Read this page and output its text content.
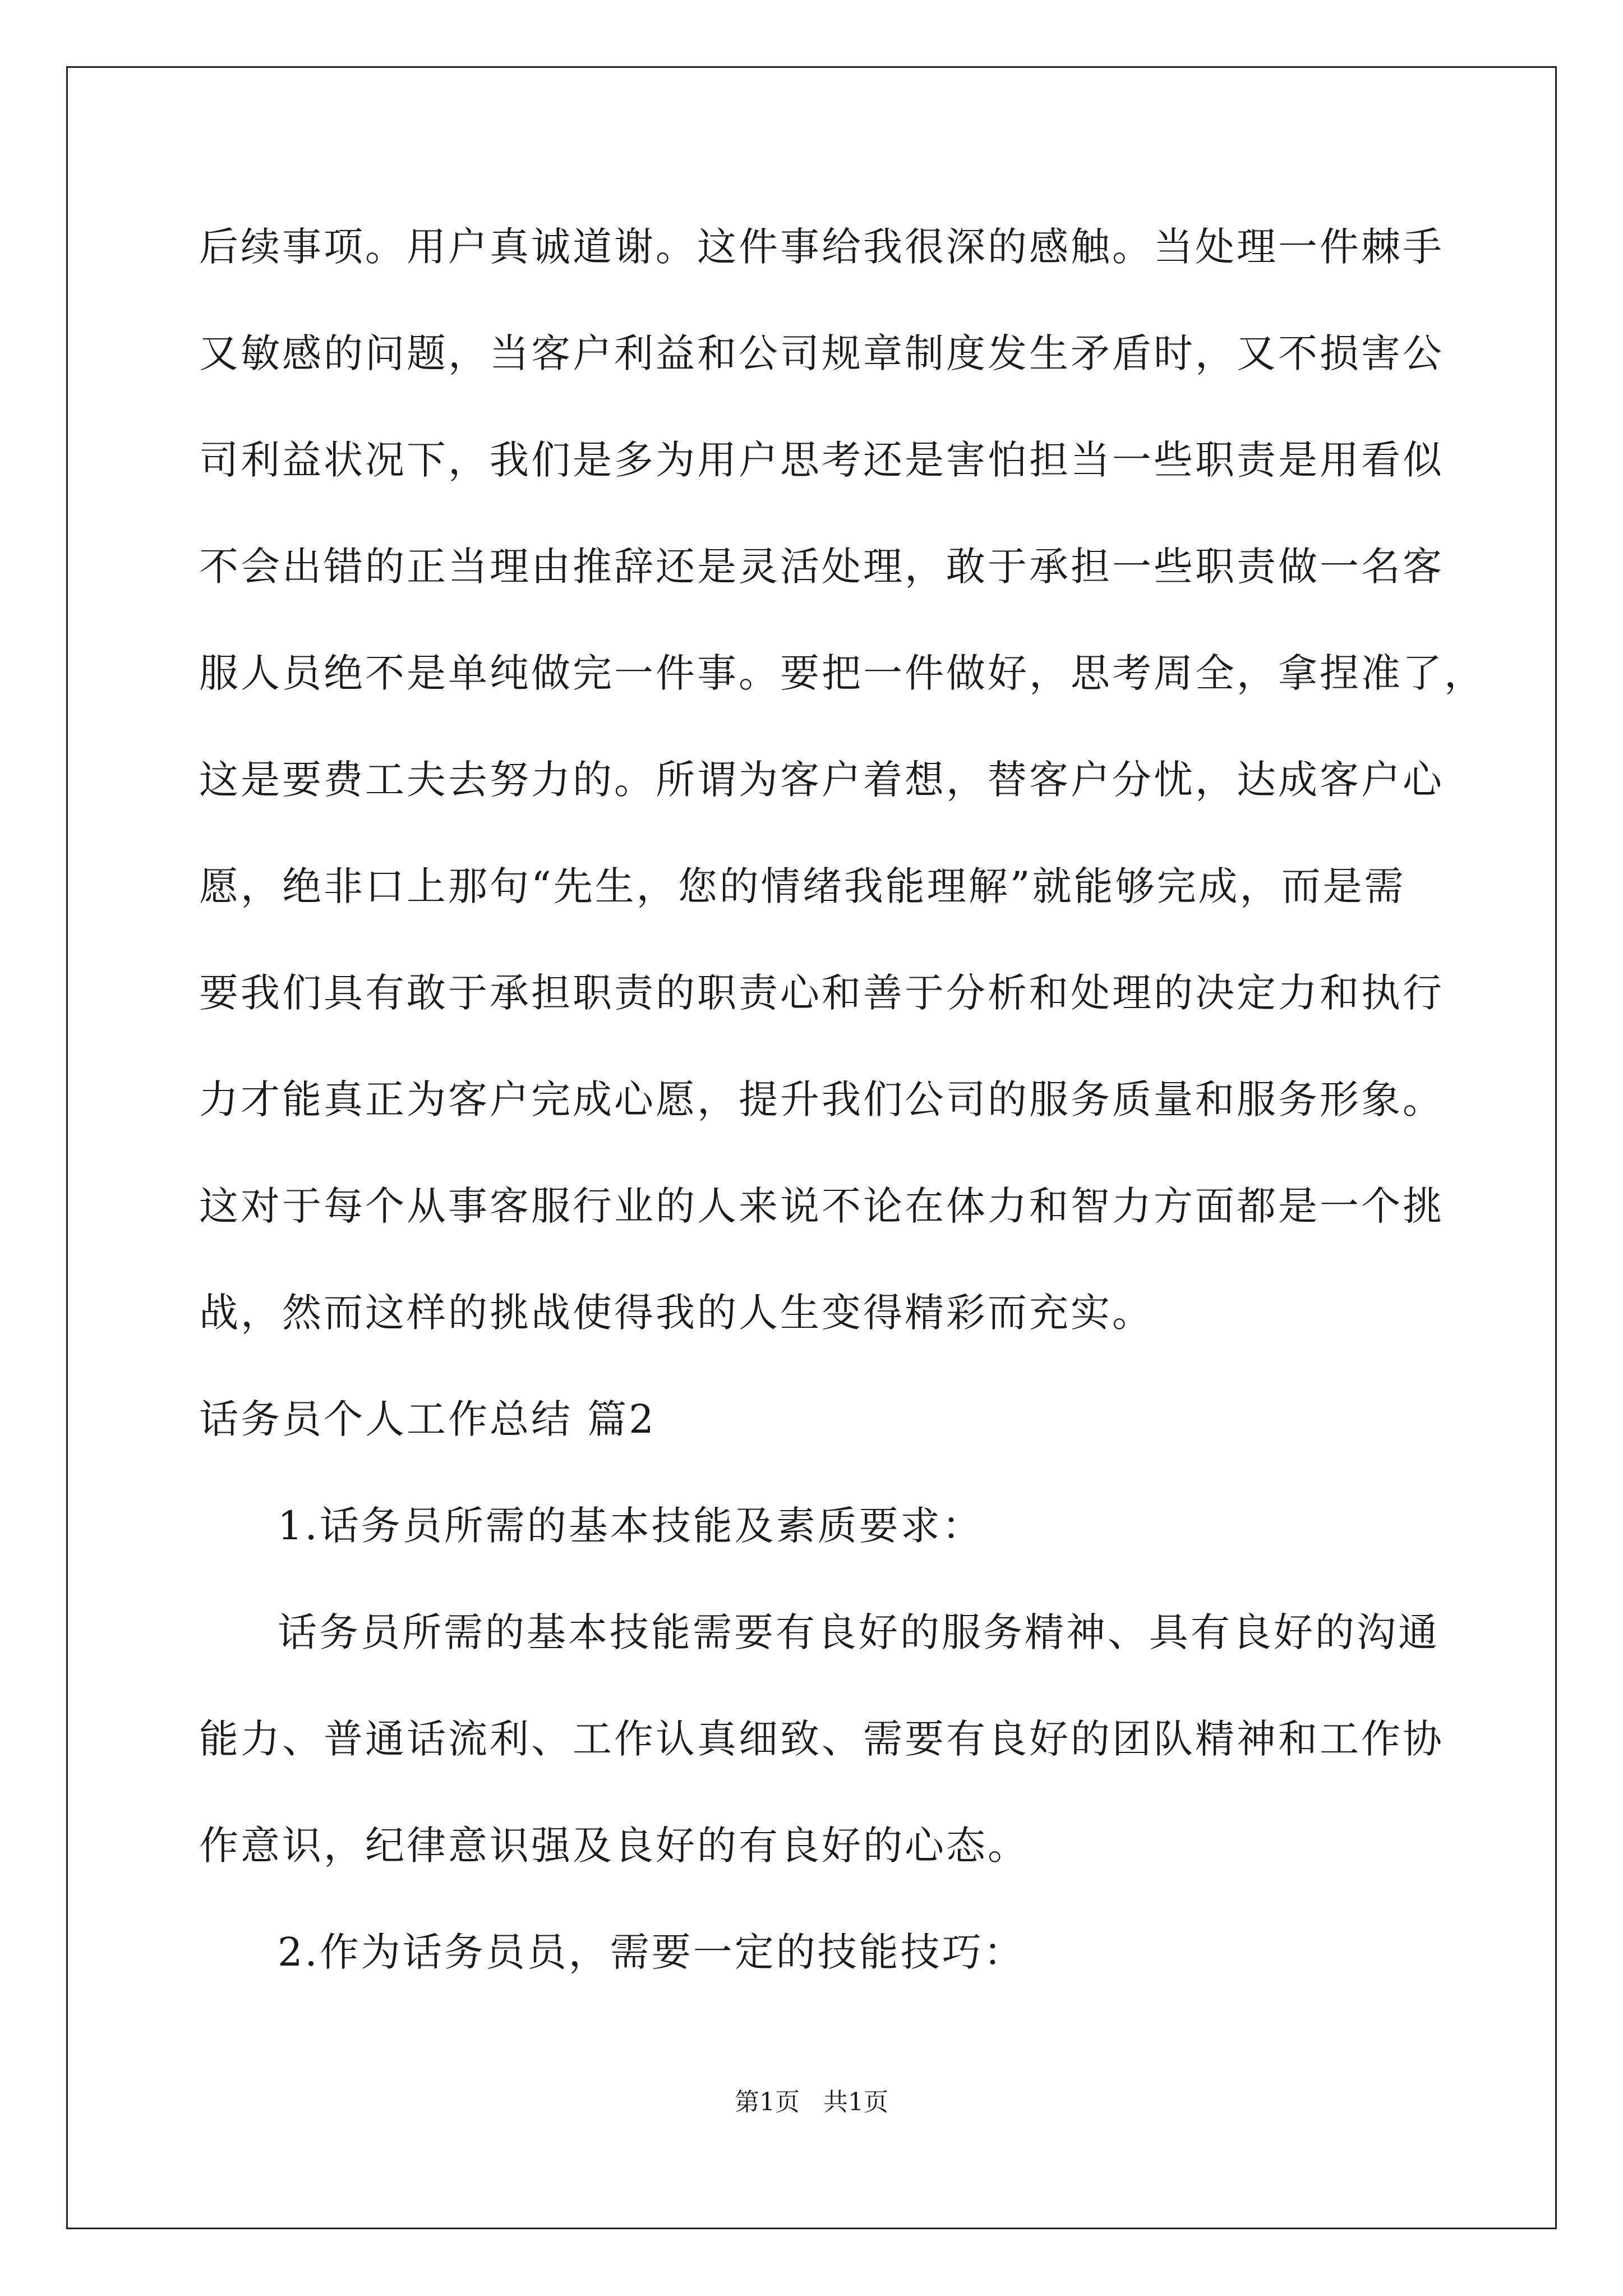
后续事项。用户真诚道谢。这件事给我很深的感触。当处理一件棘手
又敏感的问题，当客户利益和公司规章制度发生矛盾时，又不损害公
司利益状况下，我们是多为用户思考还是害怕担当一些职责是用看似
不会出错的正当理由推辞还是灵活处理，敢于承担一些职责做一名客
服人员绝不是单纯做完一件事。要把一件做好，思考周全，拿捏准了，
这是要费工夫去努力的。所谓为客户着想，替客户分忧，达成客户心
愿，绝非口上那句“先生，您的情绪我能理解”就能够完成，而是需
要我们具有敢于承担职责的职责心和善于分析和处理的决定力和执行
力才能真正为客户完成心愿，提升我们公司的服务质量和服务形象。
这对于每个从事客服行业的人来说不论在体力和智力方面都是一个挑
战，然而这样的挑战使得我的人生变得精彩而充实。
话务员个人工作总结 篇2
1.话务员所需的基本技能及素质要求：
话务员所需的基本技能需要有良好的服务精神、具有良好的沟通
能力、普通话流利、工作认真细致、需要有良好的团队精神和工作协
作意识，纪律意识强及良好的有良好的心态。
2.作为话务员员，需要一定的技能技巧：
第1页   共1页
